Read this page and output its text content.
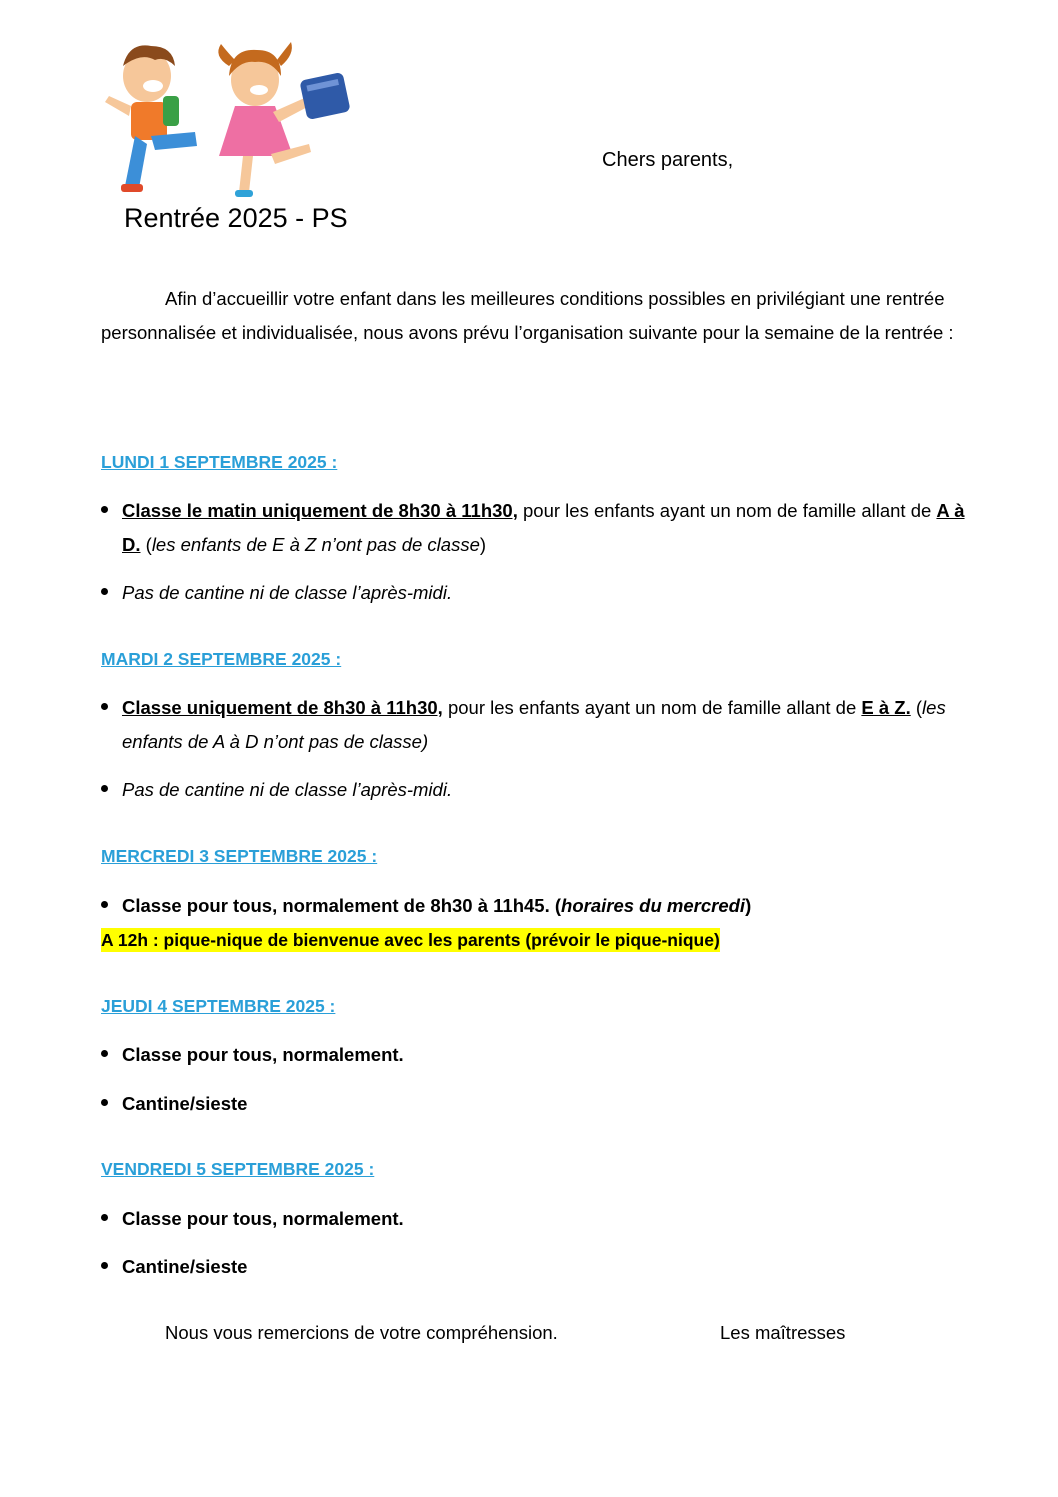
Chers parents,
Rentrée 2025 - PS
Afin d’accueillir votre enfant dans les meilleures conditions possibles en privilégiant une rentrée personnalisée et individualisée, nous avons prévu l’organisation suivante pour la semaine de la rentrée :
LUNDI 1 SEPTEMBRE 2025 :
Classe le matin uniquement de 8h30 à 11h30, pour les enfants ayant un nom de famille allant de A à D. (les enfants de E à Z n’ont pas de classe)
Pas de cantine ni de classe l’après-midi.
MARDI 2 SEPTEMBRE 2025 :
Classe uniquement de 8h30 à 11h30, pour les enfants ayant un nom de famille allant de E à Z. (les enfants de A à D n’ont pas de classe)
Pas de cantine ni de classe l’après-midi.
MERCREDI 3 SEPTEMBRE 2025 :
Classe pour tous, normalement de 8h30 à 11h45. (horaires du mercredi)
A 12h : pique-nique de bienvenue avec les parents (prévoir le pique-nique)
JEUDI 4 SEPTEMBRE 2025 :
Classe pour tous, normalement.
Cantine/sieste
VENDREDI 5 SEPTEMBRE 2025 :
Classe pour tous, normalement.
Cantine/sieste
Nous vous remercions de votre compréhension.	Les maîtresses
